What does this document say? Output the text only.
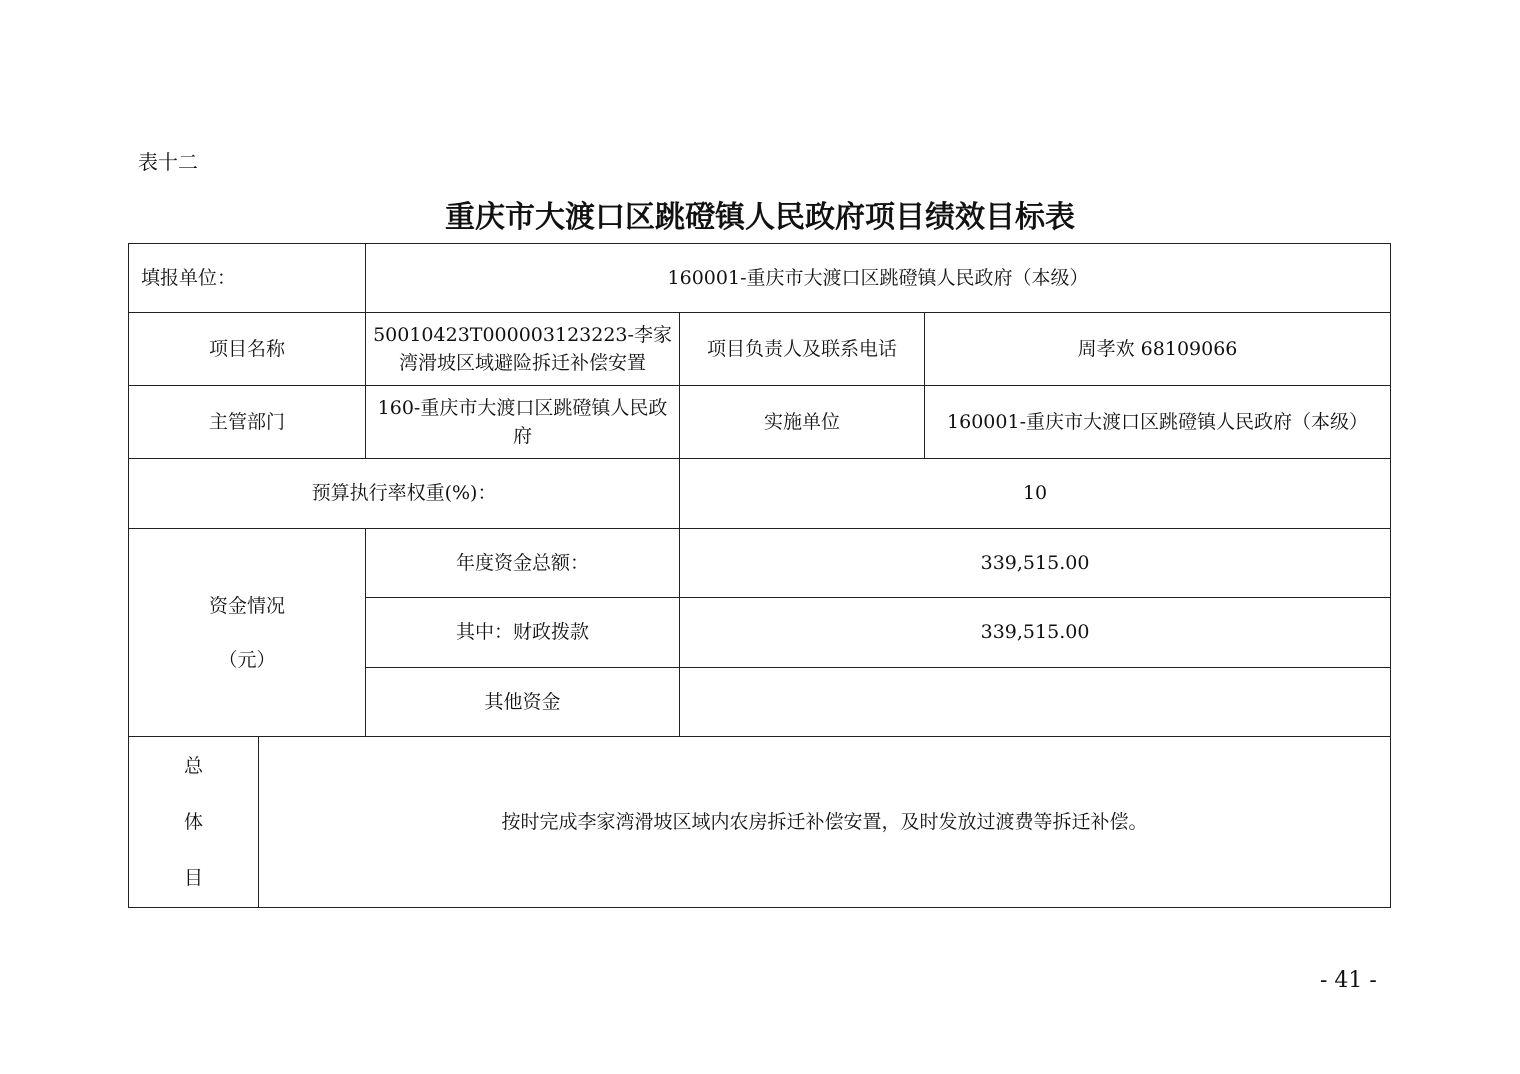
表十二
重庆市大渡口区跳磴镇人民政府项目绩效目标表
填报单位：		160001-重庆市大渡口区跳磴镇人民政府（本级）		
项目名称		50010423T000003123223-李家湾滑坡区域避险拆迁补偿安置	项目负责人及联系电话	周孝欢 68109066
主管部门		160-重庆市大渡口区跳磴镇人民政府	实施单位	160001-重庆市大渡口区跳磴镇人民政府（本级）
预算执行率权重(%)：			10	

资金情况
（元）		年度资金总额：	339,515.00	
		其中：财政拨款	339,515.00	
		其他资金		

总
体
目	按时完成李家湾滑坡区域内农房拆迁补偿安置，及时发放过渡费等拆迁补偿。			
- 41 -
